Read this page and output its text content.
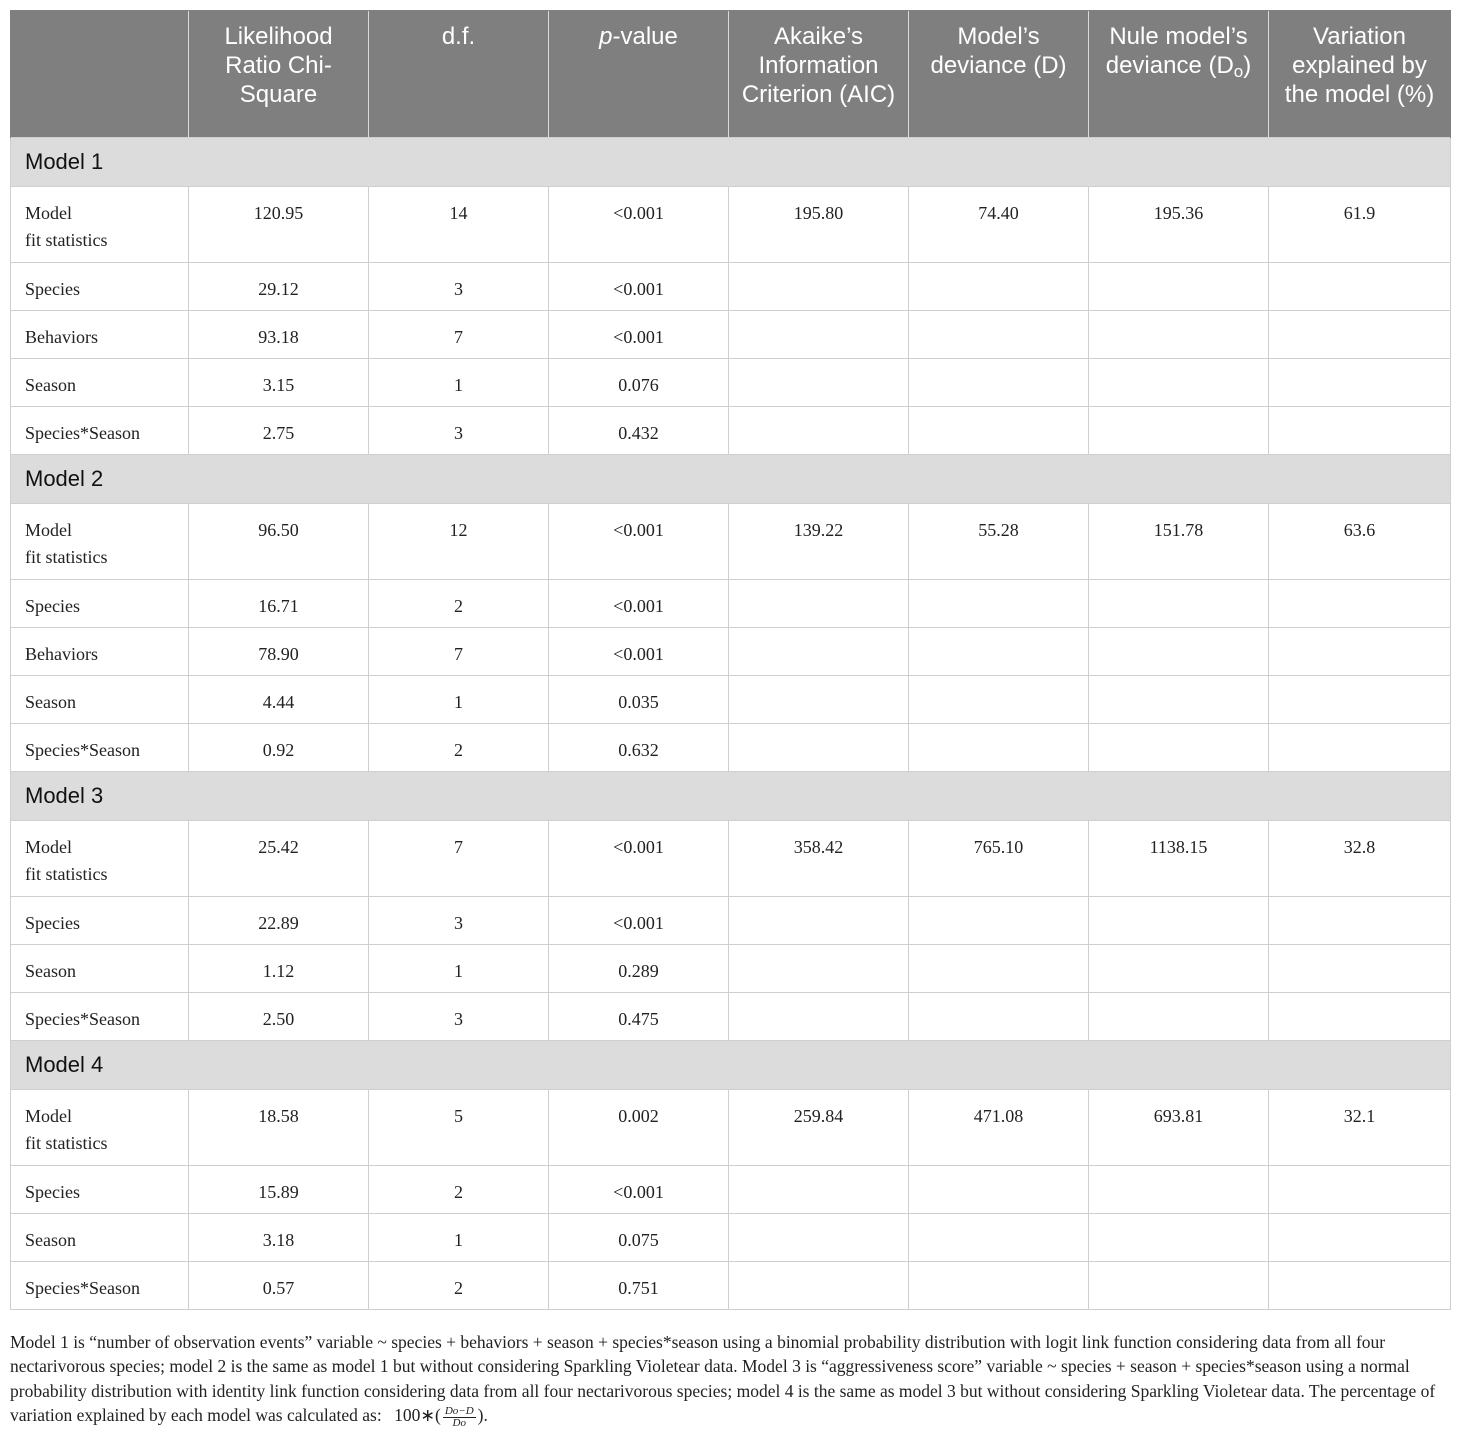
	Likelihood Ratio Chi-Square	d.f.	p-value	Akaike’s Information Criterion (AIC)	Model’s deviance (D)	Nule model’s deviance $(D_o)$	Variation explained by the model (%)
Model 1							
Model
fit statistics	120.95	14	<0.001	195.80	74.40	195.36	61.9
Species	29.12	3	<0.001				
Behaviors	93.18	7	<0.001				
Season	3.15	1	0.076				
Species*Season	2.75	3	0.432				
Model 2							
Model
fit statistics	96.50	12	<0.001	139.22	55.28	151.78	63.6
Species	16.71	2	<0.001				
Behaviors	78.90	7	<0.001				
Season	4.44	1	0.035				
Species*Season	0.92	2	0.632				
Model 3							
Model
fit statistics	25.42	7	<0.001	358.42	765.10	1138.15	32.8
Species	22.89	3	<0.001				
Season	1.12	1	0.289				
Species*Season	2.50	3	0.475				
Model 4							
Model
fit statistics	18.58	5	0.002	259.84	471.08	693.81	32.1
Species	15.89	2	<0.001				
Season	3.18	1	0.075				
Species*Season	0.57	2	0.751				
Model 1 is “number of observation events” variable ~ species + behaviors + season + species*season using a binomial probability distribution with logit link function considering data from all four nectarivorous species; model 2 is the same as model 1 but without considering Sparkling Violetear data. Model 3 is “aggressiveness score” variable ~ species + season + species*season using a normal probability distribution with identity link function considering data from all four nectarivorous species; model 4 is the same as model 3 but without considering Sparkling Violetear data. The percentage of variation explained by each model was calculated as: 100∗( $\frac{Do-D}{Do}$ ).
